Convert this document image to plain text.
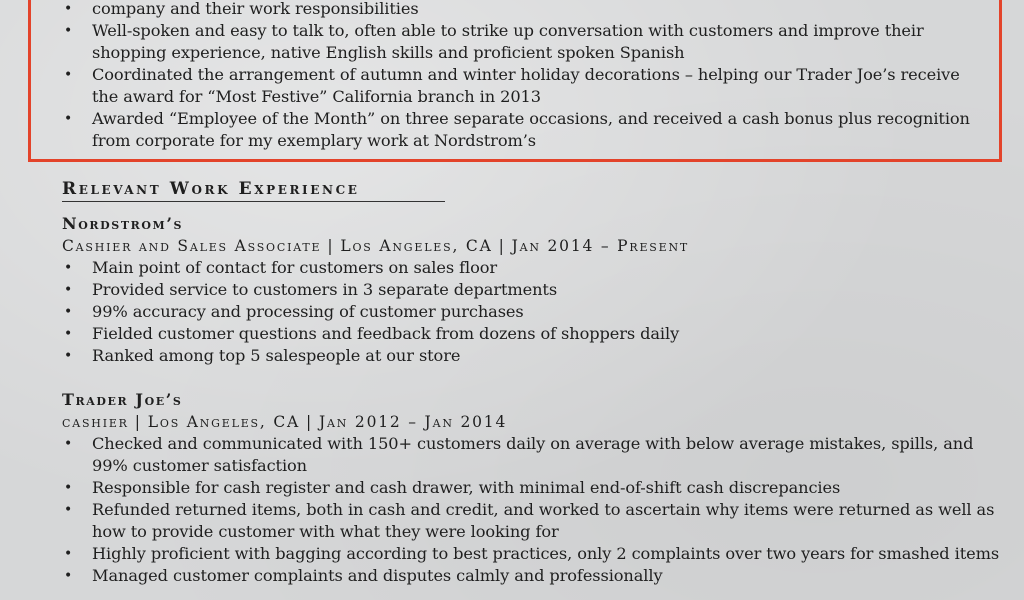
• company and their work responsibilities
• Well-spoken and easy to talk to, often able to strike up conversation with customers and improve their shopping experience, native English skills and proficient spoken Spanish
• Coordinated the arrangement of autumn and winter holiday decorations – helping our Trader Joe’s receive the award for “Most Festive” California branch in 2013
• Awarded “Employee of the Month” on three separate occasions, and received a cash bonus plus recognition from corporate for my exemplary work at Nordstrom’s
Relevant Work Experience
Nordstrom’s
Cashier and Sales Associate | Los Angeles, CA | Jan 2014 – Present
• Main point of contact for customers on sales floor
• Provided service to customers in 3 separate departments
• 99% accuracy and processing of customer purchases
• Fielded customer questions and feedback from dozens of shoppers daily
• Ranked among top 5 salespeople at our store
Trader Joe’s
cashier | Los Angeles, CA | Jan 2012 – Jan 2014
• Checked and communicated with 150+ customers daily on average with below average mistakes, spills, and 99% customer satisfaction
• Responsible for cash register and cash drawer, with minimal end-of-shift cash discrepancies
• Refunded returned items, both in cash and credit, and worked to ascertain why items were returned as well as how to provide customer with what they were looking for
• Highly proficient with bagging according to best practices, only 2 complaints over two years for smashed items
• Managed customer complaints and disputes calmly and professionally
